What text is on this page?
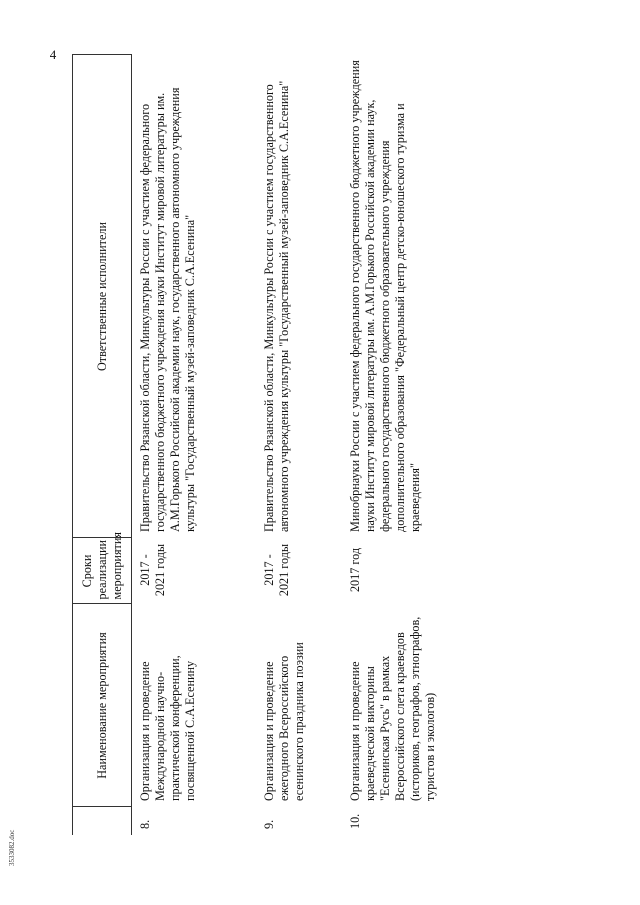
4
	Наименование мероприятия	Сроки реализации мероприятия	Ответственные исполнители
8.	Организация и проведение Международной научно-практической конференции, посвященной С.А.Есенину	2017 - 2021 годы	Правительство Рязанской области, Минкультуры России с участием федерального государственного бюджетного учреждения науки Институт мировой литературы им. А.М.Горького Российской академии наук, государственного автономного учреждения культуры "Государственный музей-заповедник С.А.Есенина"
9.	Организация и проведение ежегодного Всероссийского есенинского праздника поэзии	2017 - 2021 годы	Правительство Рязанской области, Минкультуры России с участием государственного автономного учреждения культуры "Государственный музей-заповедник С.А.Есенина"
10.	Организация и проведение краеведческой викторины "Есенинская Русь" в рамках Всероссийского слета краеведов (историков, географов, этнографов, туристов и экологов)	2017 год	Минобрнауки России с участием федерального государственного бюджетного учреждения науки Институт мировой литературы им. А.М.Горького Российской академии наук, федерального государственного бюджетного образовательного учреждения дополнительного образования "Федеральный центр детско-юношеского туризма и краеведения"
3533082.doc
